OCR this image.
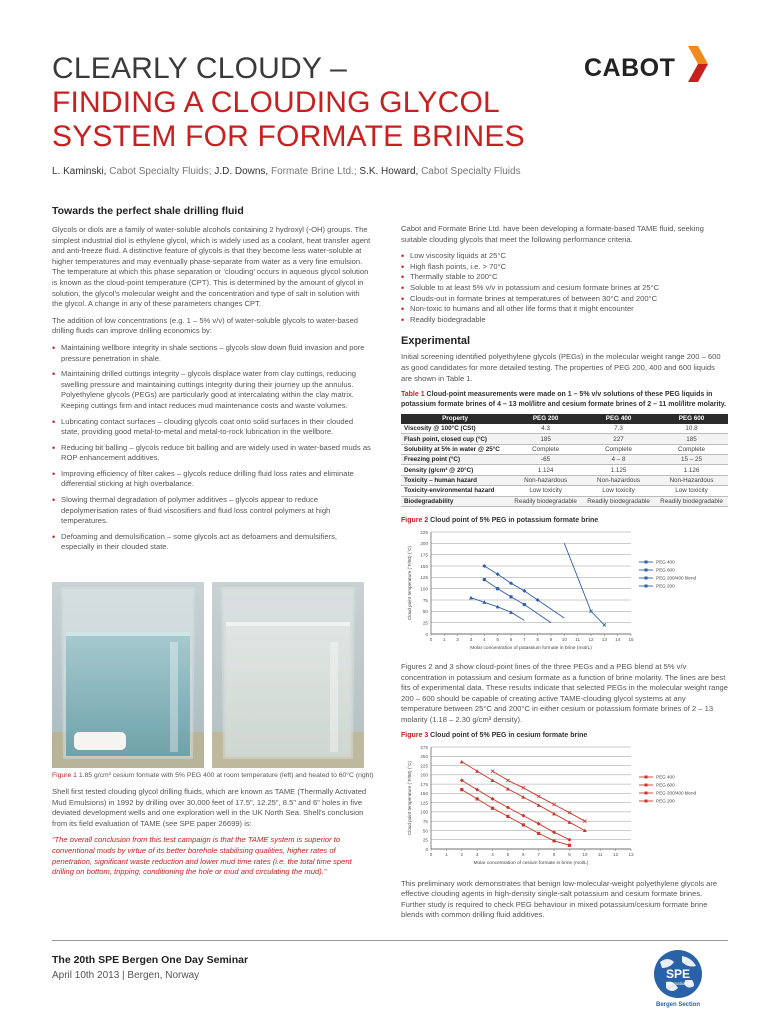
CLEARLY CLOUDY –
FINDING A CLOUDING GLYCOL
SYSTEM FOR FORMATE BRINES
CABOT
L. Kaminski, Cabot Specialty Fluids; J.D. Downs, Formate Brine Ltd.; S.K. Howard, Cabot Specialty Fluids
Towards the perfect shale drilling fluid

Glycols or diols are a family of water-soluble alcohols containing 2 hydroxyl (-OH) groups. The simplest industrial diol is ethylene glycol, which is widely used as a coolant, heat transfer agent and anti-freeze fluid. A distinctive feature of glycols is that they become less water-soluble at higher temperatures and may eventually phase-separate from water as a very fine emulsion. The temperature at which this phase separation or ‘clouding’ occurs in aqueous glycol solution is known as the cloud-point temperature (CPT). This is determined by the amount of glycol in solution, the glycol’s molecular weight and the concentration and type of salt in solution with the glycol. A change in any of these parameters changes CPT.

The addition of low concentrations (e.g. 1 – 5% v/v) of water-soluble glycols to water-based drilling fluids can improve drilling economics by:

• Maintaining wellbore integrity in shale sections – glycols slow down fluid invasion and pore pressure penetration in shale.
• Maintaining drilled cuttings integrity – glycols displace water from clay cuttings, reducing swelling pressure and maintaining cuttings integrity during their journey up the annulus. Polyethylene glycols (PEGs) are particularly good at intercalating within the clay matrix. Keeping cuttings firm and intact reduces mud maintenance costs and waste volumes.
• Lubricating contact surfaces – clouding glycols coat onto solid surfaces in their clouded state, providing good metal-to-metal and metal-to-rock lubrication in the wellbore.
• Reducing bit balling – glycols reduce bit balling and are widely used in water-based muds as ROP enhancement additives.
• Improving efficiency of filter cakes – glycols reduce drilling fluid loss rates and eliminate differential sticking at high overbalance.
• Slowing thermal degradation of polymer additives – glycols appear to reduce depolymerisation rates of fluid viscosifiers and fluid loss control polymers at high temperatures.
• Defoaming and demulsification – some glycols act as defoamers and demulsifiers, especially in their clouded state.
Figure 1 1.85 g/cm³ cesium formate with 5% PEG 400 at room temperature (left) and heated to 60°C (right)

Shell first tested clouding glycol drilling fluids, which are known as TAME (Thermally Activated Mud Emulsions) in 1992 by drilling over 30,000 feet of 17.5", 12.25", 8.5" and 6" holes in five deviated development wells and one exploration well in the UK North Sea. Shell’s conclusion from its field evaluation of TAME (see SPE paper 26699) is:

“The overall conclusion from this test campaign is that the TAME system is superior to conventional muds by virtue of its better borehole stabilising qualities, higher rates of penetration, significant waste reduction and lower mud time rates (i.e. the total time spent drilling on bottom, tripping, conditioning the hole or mud and circulating the mud).”

Cabot and Formate Brine Ltd. have been developing a formate-based TAME fluid, seeking suitable clouding glycols that meet the following performance criteria.

• Low viscosity liquids at 25°C
• High flash points, i.e. > 70°C
• Thermally stable to 200°C
• Soluble to at least 5% v/v in potassium and cesium formate brines at 25°C
• Clouds-out in formate brines at temperatures of between 30°C and 200°C
• Non-toxic to humans and all other life forms that it might encounter
• Readily biodegradable
Experimental

Initial screening identified polyethylene glycols (PEGs) in the molecular weight range 200 – 600 as good candidates for more detailed testing. The properties of PEG 200, 400 and 600 liquids are shown in Table 1.

Table 1 Cloud-point measurements were made on 1 – 5% v/v solutions of these PEG liquids in potassium formate brines of 4 – 13 mol/litre and cesium formate brines of 2 – 11 mol/litre molarity.
Property	PEG 200	PEG 400	PEG 600
Viscosity @ 100°C (CSt)	4.3	7.3	10.8
Flash point, closed cup (°C)	185	227	185
Solubility at 5% in water @ 25°C	Complete	Complete	Complete
Freezing point (°C)	-65	4 – 8	15 – 25
Density (g/cm³ @ 20°C)	1.124	1.125	1.126
Toxicity – human hazard	Non-hazardous	Non-hazardous	Non-Hazardous
Toxicity-environmental hazard	Low toxicity	Low toxicity	Low toxicity
Biodegradability	Readily biodegradable	Readily biodegradable	Readily biodegradable
Figure 2 Cloud point of 5% PEG in potassium formate brine
0
25
50
75
100
125
150
175
200
225
0 1 2 3 4 5 6 7 8 9 10 11 12 13 14 15
Molar concentration of potassium formate in brine (mol/L)
Cloud point temperature (°F/80) (°C)	PEG 400
PEG 600
PEG 200/400 blend
PEG 200

Figures 2 and 3 show cloud-point lines of the three PEGs and a PEG blend at 5% v/v concentration in potassium and cesium formate as a function of brine molarity. The lines are best fits of experimental data. These results indicate that selected PEGs in the molecular weight range 200 – 600 should be capable of creating active TAME-clouding glycol systems at any temperature between 25°C and 200°C in either cesium or potassium formate brines of 2 – 13 molarity (1.18 – 2.30 g/cm³ density).

Figure 3 Cloud point of 5% PEG in cesium formate brine
0
25
50
75
100
125
150
175
200
225
250
275
0	1	2	3	4	5	6	7	8	9	10 11 12 13
Molar concentration of cesium formate in brine (mol/L)
Cloud point temperature (°F/80) (°C)	PEG 400
PEG 600
PEG 200/400 blend
PEG 200

This preliminary work demonstrates that benign low-molecular-weight polyethylene glycols are effective clouding agents in high-density single-salt potassium and cesium formate brines. Further study is required to check PEG behaviour in mixed potassium/cesium formate brine blends with common drilling fluid additives.

The 20th SPE Bergen One Day Seminar
April 10th 2013 | Bergen, Norway	SPE
International
Bergen Section
